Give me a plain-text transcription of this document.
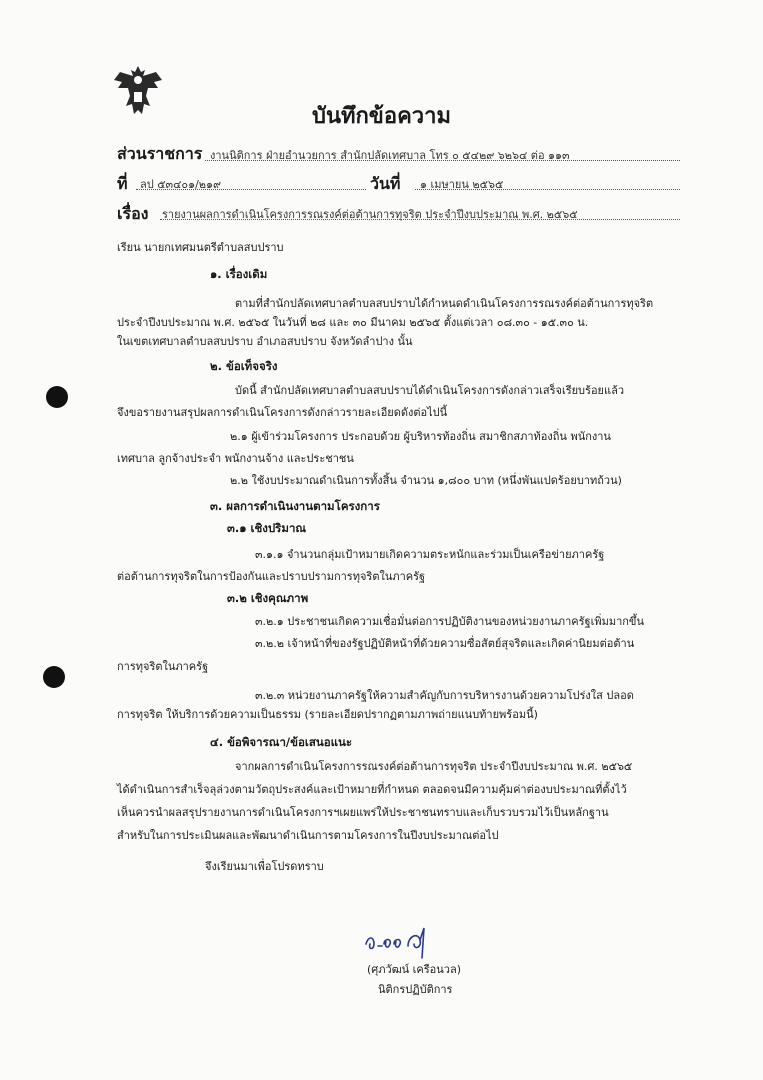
บันทึกข้อความ
ส่วนราชการ งานนิติการ ฝ่ายอำนวยการ สำนักปลัดเทศบาล โทร ๐ ๕๔๒๙ ๖๒๖๔ ต่อ ๑๑๓
ที่ ลป ๕๓๔๐๑/๒๑๙	วันที่ ๑ เมษายน ๒๕๖๕
เรื่อง รายงานผลการดำเนินโครงการรณรงค์ต่อต้านการทุจริต ประจำปีงบประมาณ พ.ศ. ๒๕๖๕
เรียน นายกเทศมนตรีตำบลสบปราบ
๑. เรื่องเดิม
ตามที่สำนักปลัดเทศบาลตำบลสบปราบได้กำหนดดำเนินโครงการรณรงค์ต่อต้านการทุจริต
ประจำปีงบประมาณ พ.ศ. ๒๕๖๕ ในวันที่ ๒๘ และ ๓๐ มีนาคม ๒๕๖๕ ตั้งแต่เวลา ๐๘.๓๐ - ๑๕.๓๐ น.
ในเขตเทศบาลตำบลสบปราบ อำเภอสบปราบ จังหวัดลำปาง นั้น
๒. ข้อเท็จจริง
บัดนี้ สำนักปลัดเทศบาลตำบลสบปราบได้ดำเนินโครงการดังกล่าวเสร็จเรียบร้อยแล้ว
จึงขอรายงานสรุปผลการดำเนินโครงการดังกล่าวรายละเอียดดังต่อไปนี้
๒.๑ ผู้เข้าร่วมโครงการ ประกอบด้วย ผู้บริหารท้องถิ่น สมาชิกสภาท้องถิ่น พนักงาน
เทศบาล ลูกจ้างประจำ พนักงานจ้าง และประชาชน
๒.๒ ใช้งบประมาณดำเนินการทั้งสิ้น จำนวน ๑,๘๐๐ บาท (หนึ่งพันแปดร้อยบาทถ้วน)
๓. ผลการดำเนินงานตามโครงการ
๓.๑ เชิงปริมาณ
๓.๑.๑ จำนวนกลุ่มเป้าหมายเกิดความตระหนักและร่วมเป็นเครือข่ายภาครัฐ
ต่อต้านการทุจริตในการป้องกันและปราบปรามการทุจริตในภาครัฐ
๓.๒ เชิงคุณภาพ
๓.๒.๑ ประชาชนเกิดความเชื่อมั่นต่อการปฏิบัติงานของหน่วยงานภาครัฐเพิ่มมากขึ้น
๓.๒.๒ เจ้าหน้าที่ของรัฐปฏิบัติหน้าที่ด้วยความซื่อสัตย์สุจริตและเกิดค่านิยมต่อต้าน
การทุจริตในภาครัฐ
๓.๒.๓ หน่วยงานภาครัฐให้ความสำคัญกับการบริหารงานด้วยความโปร่งใส ปลอด
การทุจริต ให้บริการด้วยความเป็นธรรม (รายละเอียดปรากฏตามภาพถ่ายแนบท้ายพร้อมนี้)
๔. ข้อพิจารณา/ข้อเสนอแนะ
จากผลการดำเนินโครงการรณรงค์ต่อต้านการทุจริต ประจำปีงบประมาณ พ.ศ. ๒๕๖๕
ได้ดำเนินการสำเร็จลุล่วงตามวัตถุประสงค์และเป้าหมายที่กำหนด ตลอดจนมีความคุ้มค่าต่องบประมาณที่ตั้งไว้
เห็นควรนำผลสรุปรายงานการดำเนินโครงการฯเผยแพร่ให้ประชาชนทราบและเก็บรวบรวมไว้เป็นหลักฐาน
สำหรับในการประเมินผลและพัฒนาดำเนินการตามโครงการในปีงบประมาณต่อไป
จึงเรียนมาเพื่อโปรดทราบ
(ศุภวัฒน์ เครือนวล)
นิติกรปฏิบัติการ
